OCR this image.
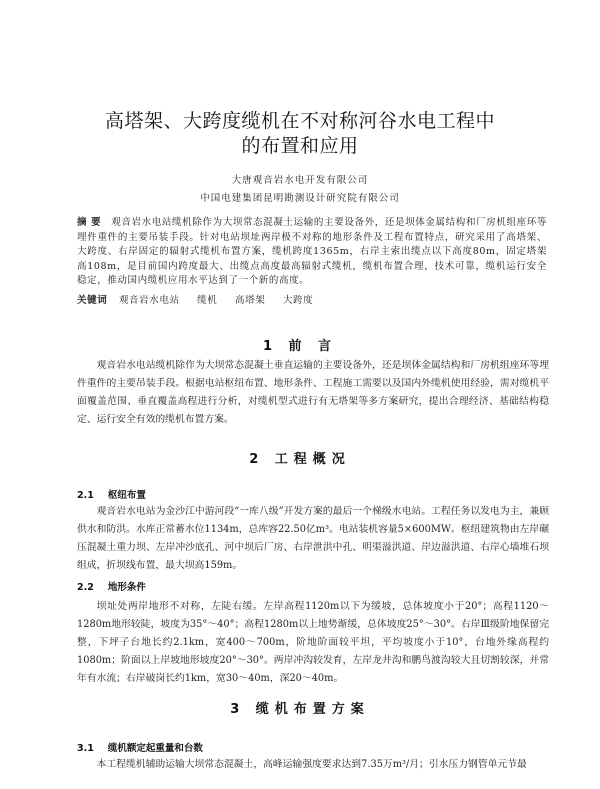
高塔架、大跨度缆机在不对称河谷水电工程中
的布置和应用
大唐观音岩水电开发有限公司
中国电建集团昆明勘测设计研究院有限公司
摘 要 观音岩水电站缆机除作为大坝常态混凝土运输的主要设备外，还是坝体金属结构和厂房机组座环等埋件重件的主要吊装手段。针对电站坝址两岸极不对称的地形条件及工程布置特点，研究采用了高塔架、大跨度、右岸固定的辐射式缆机布置方案，缆机跨度1365m，右岸主索出缆点以下高度80m，固定塔架高108m，是目前国内跨度最大、出缆点高度最高辐射式缆机，缆机布置合理，技术可靠，缆机运行安全稳定，推动国内缆机应用水平达到了一个新的高度。
关键词 观音岩水电站 缆机 高塔架 大跨度
1 前 言
观音岩水电站缆机除作为大坝常态混凝土垂直运输的主要设备外，还是坝体金属结构和厂房机组座环等埋件重件的主要吊装手段。根据电站枢纽布置、地形条件、工程施工需要以及国内外缆机使用经验，需对缆机平面覆盖范围、垂直覆盖高程进行分析，对缆机型式进行有无塔架等多方案研究，提出合理经济、基础结构稳定、运行安全有效的缆机布置方案。
2 工程概况
2.1 枢纽布置
观音岩水电站为金沙江中游河段“一库八级”开发方案的最后一个梯级水电站。工程任务以发电为主，兼顾供水和防洪。水库正常蓄水位1134m，总库容22.50亿m³。电站装机容量5×600MW。枢纽建筑物由左岸碾压混凝土重力坝、左岸冲沙底孔、河中坝后厂房、右岸泄洪中孔、明渠溢洪道、岸边溢洪道、右岸心墙堆石坝组成，折坝线布置，最大坝高159m。
2.2 地形条件
坝址处两岸地形不对称，左陡右缓。左岸高程1120m以下为缓坡，总体坡度小于20°；高程1120～1280m地形较陡，坡度为35°～40°；高程1280m以上地势渐缓，总体坡度25°～30°。右岸Ⅲ级阶地保留完整，下坪子台地长约2.1km，宽400～700m，阶地阶面较平坦，平均坡度小于10°，台地外缘高程约1080m；阶面以上岸坡地形坡度20°～30°。两岸冲沟较发育，左岸龙井沟和鹏鸟渡沟较大且切割较深，并常年有水流；右岸破岗长约1km，宽30～40m，深20～40m。
3 缆机布置方案
3.1 缆机额定起重量和台数
本工程缆机辅助运输大坝常态混凝土，高峰运输强度要求达到7.35万m³/月；引水压力钢管单元节最
